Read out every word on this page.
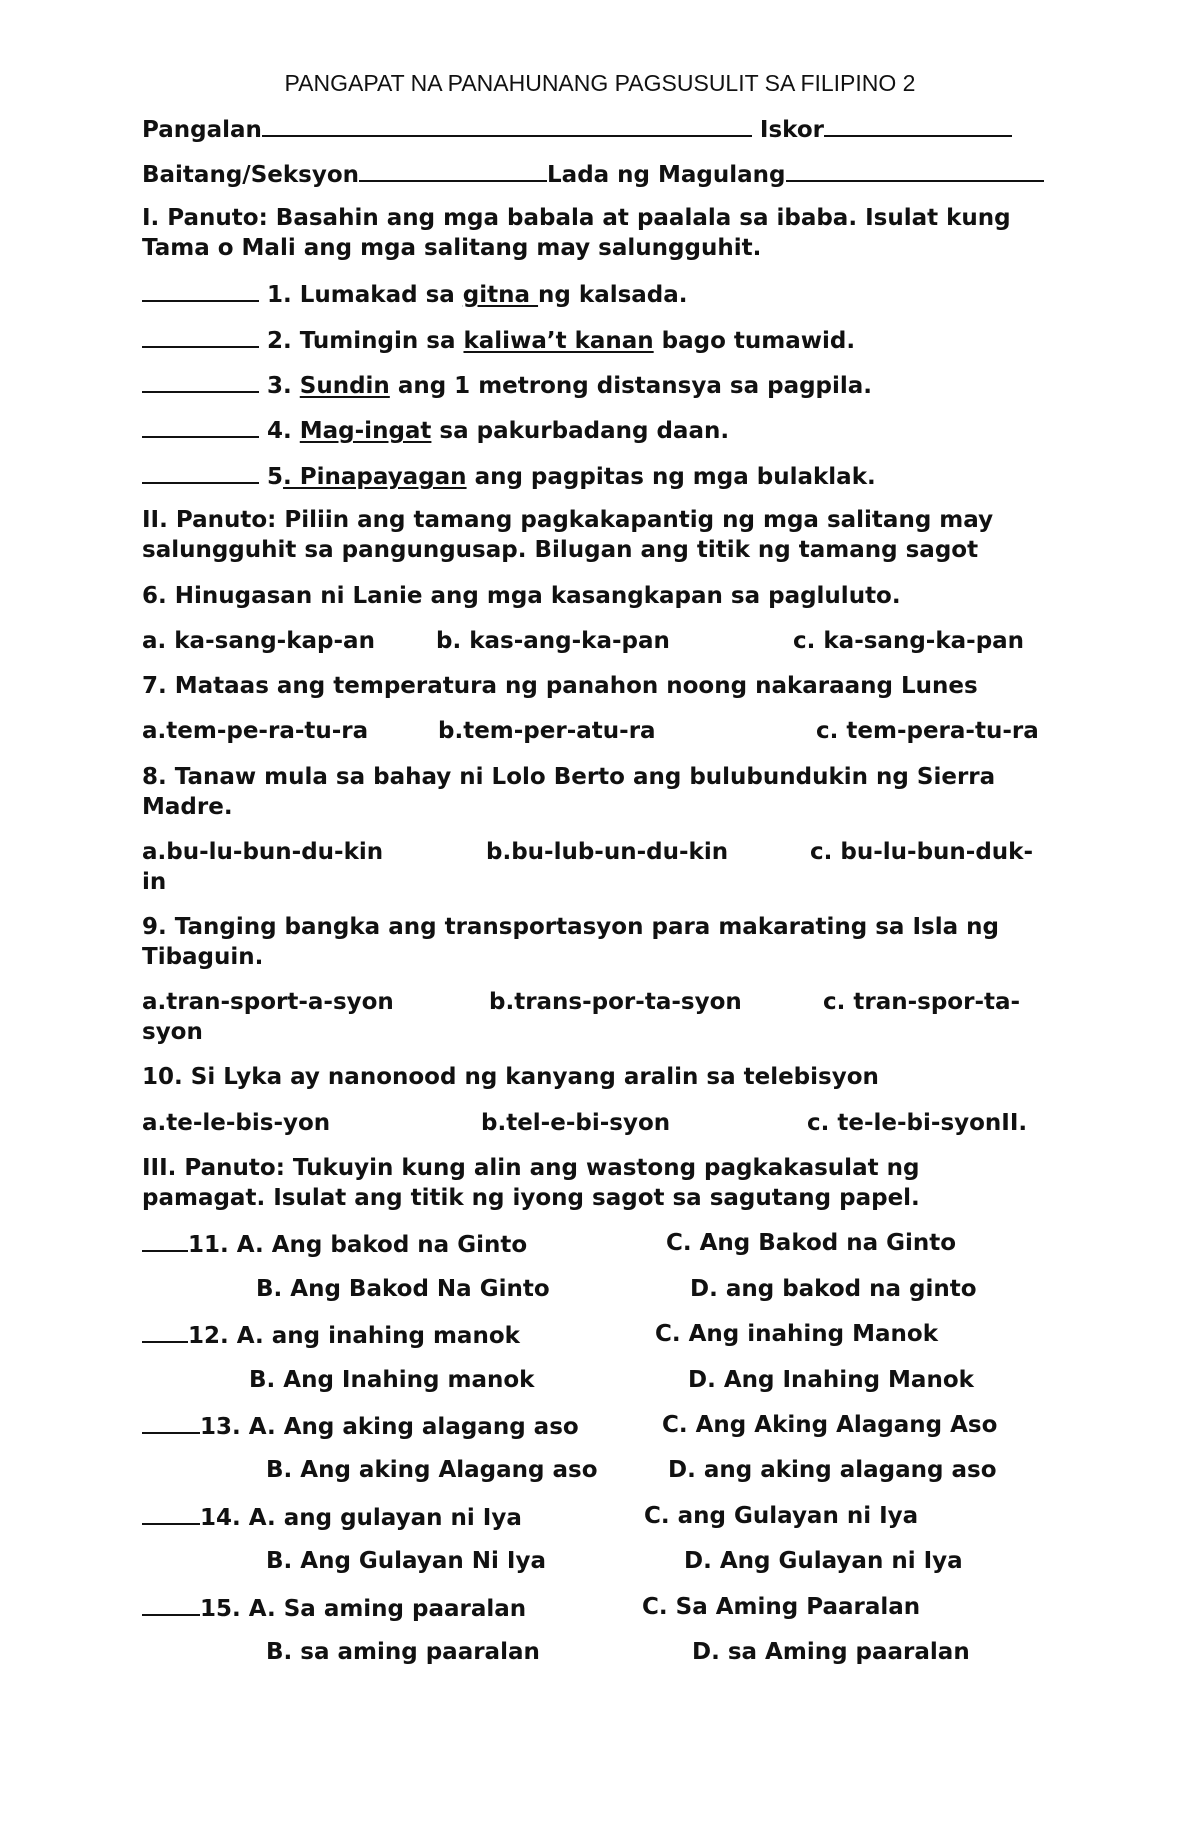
PANGAPAT NA PANAHUNANG PAGSUSULIT SA FILIPINO 2
Pangalan	Iskor
Baitang/Seksyon	Lada ng Magulang
I. Panuto: Basahin ang mga babala at paalala sa ibaba. Isulat kung
Tama o Mali ang mga salitang may salungguhit.
1. Lumakad sa gitna ng kalsada.
2. Tumingin sa kaliwa’t kanan bago tumawid.
3. Sundin ang 1 metrong distansya sa pagpila.
4. Mag-ingat sa pakurbadang daan.
5. Pinapayagan ang pagpitas ng mga bulaklak.
II. Panuto: Piliin ang tamang pagkakapantig ng mga salitang may
salungguhit sa pangungusap. Bilugan ang titik ng tamang sagot
6. Hinugasan ni Lanie ang mga kasangkapan sa pagluluto.
a. ka-sang-kap-an	b. kas-ang-ka-pan	c. ka-sang-ka-pan
7. Mataas ang temperatura ng panahon noong nakaraang Lunes
a.tem-pe-ra-tu-ra	b.tem-per-atu-ra	c. tem-pera-tu-ra
8. Tanaw mula sa bahay ni Lolo Berto ang bulubundukin ng Sierra
Madre.
a.bu-lu-bun-du-kin	b.bu-lub-un-du-kin	c. bu-lu-bun-duk-
in
9. Tanging bangka ang transportasyon para makarating sa Isla ng
Tibaguin.
a.tran-sport-a-syon	b.trans-por-ta-syon	c. tran-spor-ta-
syon
10. Si Lyka ay nanonood ng kanyang aralin sa telebisyon
a.te-le-bis-yon	b.tel-e-bi-syon	c. te-le-bi-syonII.
III. Panuto: Tukuyin kung alin ang wastong pagkakasulat ng
pamagat. Isulat ang titik ng iyong sagot sa sagutang papel.
11. A. Ang bakod na Ginto	C. Ang Bakod na Ginto
B. Ang Bakod Na Ginto	D. ang bakod na ginto
12. A. ang inahing manok	C. Ang inahing Manok
B. Ang Inahing manok	D. Ang Inahing Manok
13. A. Ang aking alagang aso	C. Ang Aking Alagang Aso
B. Ang aking Alagang aso	D. ang aking alagang aso
14. A. ang gulayan ni Iya	C. ang Gulayan ni Iya
B. Ang Gulayan Ni Iya	D. Ang Gulayan ni Iya
15. A. Sa aming paaralan	C. Sa Aming Paaralan
B. sa aming paaralan	D. sa Aming paaralan
